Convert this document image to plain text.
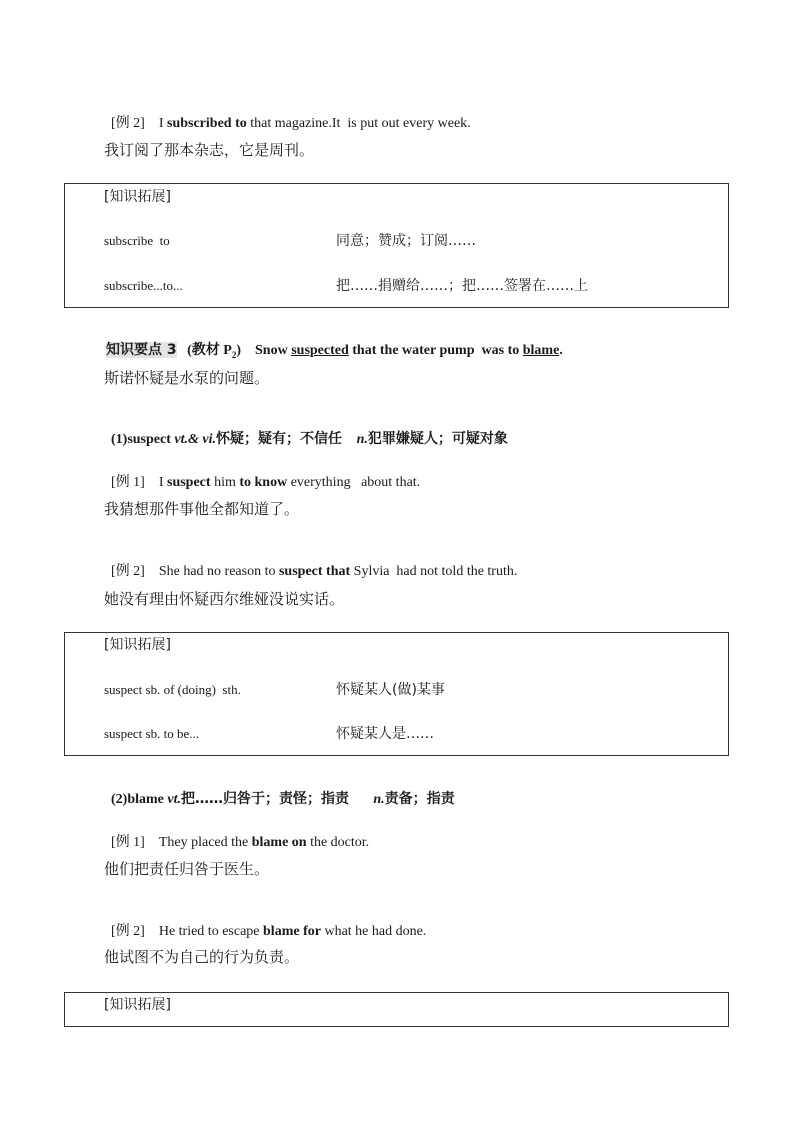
[例 2] I subscribed to that magazine.It  is put out every week.

我订阅了那本杂志，它是周刊。
[知识拓展]
subscribe  to	同意；赞成；订阅……
subscribe...to...	把……捐赠给……；把……签署在……上

知识要点 3 (教材 $P_2$) Snow suspected that the water pump  was to blame.

斯诺怀疑是水泵的问题。

(1)suspect vt.& vi.怀疑；疑有；不信任   n.犯罪嫌疑人；可疑对象

[例 1] I suspect him to know everything   about that.

我猜想那件事他全都知道了。

[例 2] She had no reason to suspect that Sylvia  had not told the truth.

她没有理由怀疑西尔维娅没说实话。
[知识拓展]
suspect sb. of (doing)  sth.	怀疑某人(做)某事
suspect sb. to be...	怀疑某人是……

(2)blame vt.把……归咎于；责怪；指责     n.责备；指责

[例 1] They placed the blame on the doctor.

他们把责任归咎于医生。

[例 2] He tried to escape blame for what he had done.

他试图不为自己的行为负责。
[知识拓展]
